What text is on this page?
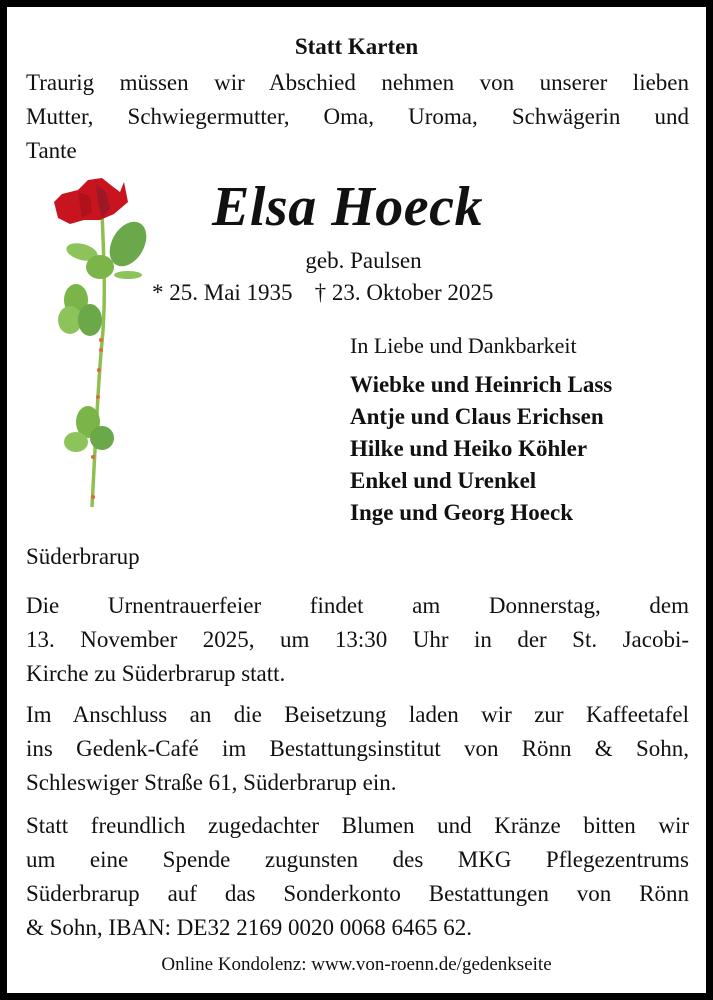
Statt Karten
Traurig müssen wir Abschied nehmen von unserer lieben
Mutter, Schwiegermutter, Oma, Uroma, Schwägerin und
Tante
Elsa Hoeck
geb. Paulsen
* 25. Mai 1935 † 23. Oktober 2025
In Liebe und Dankbarkeit
Wiebke und Heinrich Lass
Antje und Claus Erichsen
Hilke und Heiko Köhler
Enkel und Urenkel
Inge und Georg Hoeck
Süderbrarup
Die Urnentrauerfeier findet am Donnerstag, dem
13. November 2025, um 13:30 Uhr in der St. Jacobi-
Kirche zu Süderbrarup statt.
Im Anschluss an die Beisetzung laden wir zur Kaffeetafel
ins Gedenk-Café im Bestattungsinstitut von Rönn & Sohn,
Schleswiger Straße 61, Süderbrarup ein.
Statt freundlich zugedachter Blumen und Kränze bitten wir
um eine Spende zugunsten des MKG Pflegezentrums
Süderbrarup auf das Sonderkonto Bestattungen von Rönn
& Sohn, IBAN: DE32 2169 0020 0068 6465 62.
Online Kondolenz: www.von-roenn.de/gedenkseite
